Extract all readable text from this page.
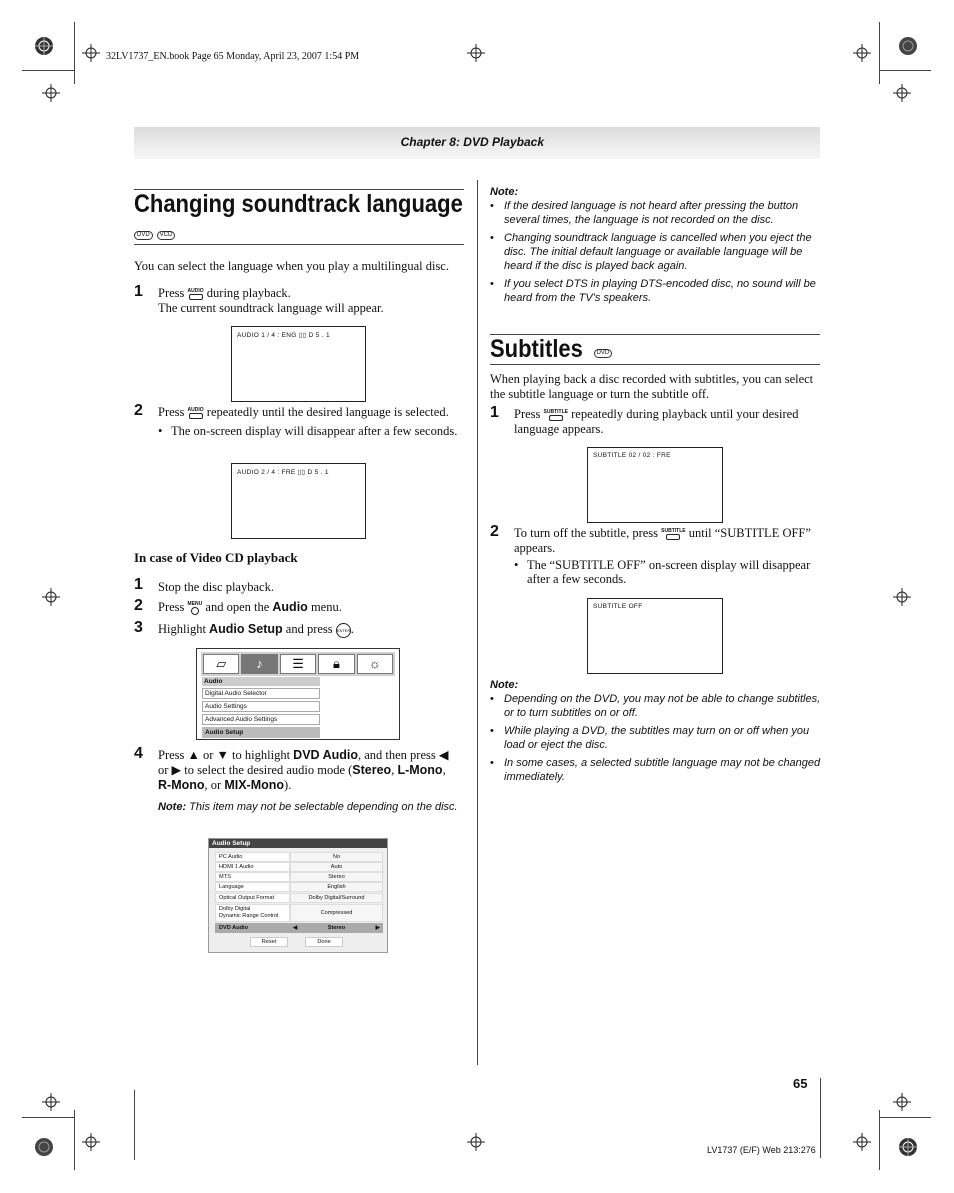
32LV1737_EN.book Page 65 Monday, April 23, 2007 1:54 PM
Chapter 8: DVD Playback
Changing soundtrack language
DVD VCD
You can select the language when you play a multilingual disc.
1 Press AUDIO during playback.
The current soundtrack language will appear.
AUDIO 1 / 4 : ENG ▯▯ D 5 . 1
2 Press AUDIO repeatedly until the desired language is selected.
• The on-screen display will disappear after a few seconds.
AUDIO 2 / 4 : FRE ▯▯ D 5 . 1
In case of Video CD playback
1 Stop the disc playback.
2 Press MENU and open the Audio menu.
3 Highlight Audio Setup and press ENTER.
▱	♪	☰	🔒︎	☼
Audio
Digital Audio Selector
Audio Settings
Advanced Audio Settings
Audio Setup
4 Press ▲ or ▼ to highlight DVD Audio, and then press ◀
or ▶ to select the desired audio mode (Stereo, L-Mono,
R-Mono, or MIX-Mono).
Note: This item may not be selectable depending on the disc.
Audio Setup
PC Audio	No
HDMI 1 Audio	Auto
MTS	Stereo
Language	English
Optical Output Format	Dolby Digital/Surround
Dolby Digital
Dynamic Range Control	Compressed
DVD Audio	◀	Stereo	▶
Reset	Done
Note:
• If the desired language is not heard after pressing the button several times, the language is not recorded on the disc.
• Changing soundtrack language is cancelled when you eject the disc. The initial default language or available language will be heard if the disc is played back again.
• If you select DTS in playing DTS-encoded disc, no sound will be heard from the TV’s speakers.
Subtitles DVD
When playing back a disc recorded with subtitles, you can select the subtitle language or turn the subtitle off.
1 Press SUBTITLE repeatedly during playback until your desired language appears.
SUBTITLE 02 / 02 : FRE
2 To turn off the subtitle, press SUBTITLE until “SUBTITLE OFF” appears.
• The “SUBTITLE OFF” on-screen display will disappear after a few seconds.
SUBTITLE OFF
Note:
• Depending on the DVD, you may not be able to change subtitles, or to turn subtitles on or off.
• While playing a DVD, the subtitles may turn on or off when you load or eject the disc.
• In some cases, a selected subtitle language may not be changed immediately.
65
LV1737 (E/F) Web 213:276
